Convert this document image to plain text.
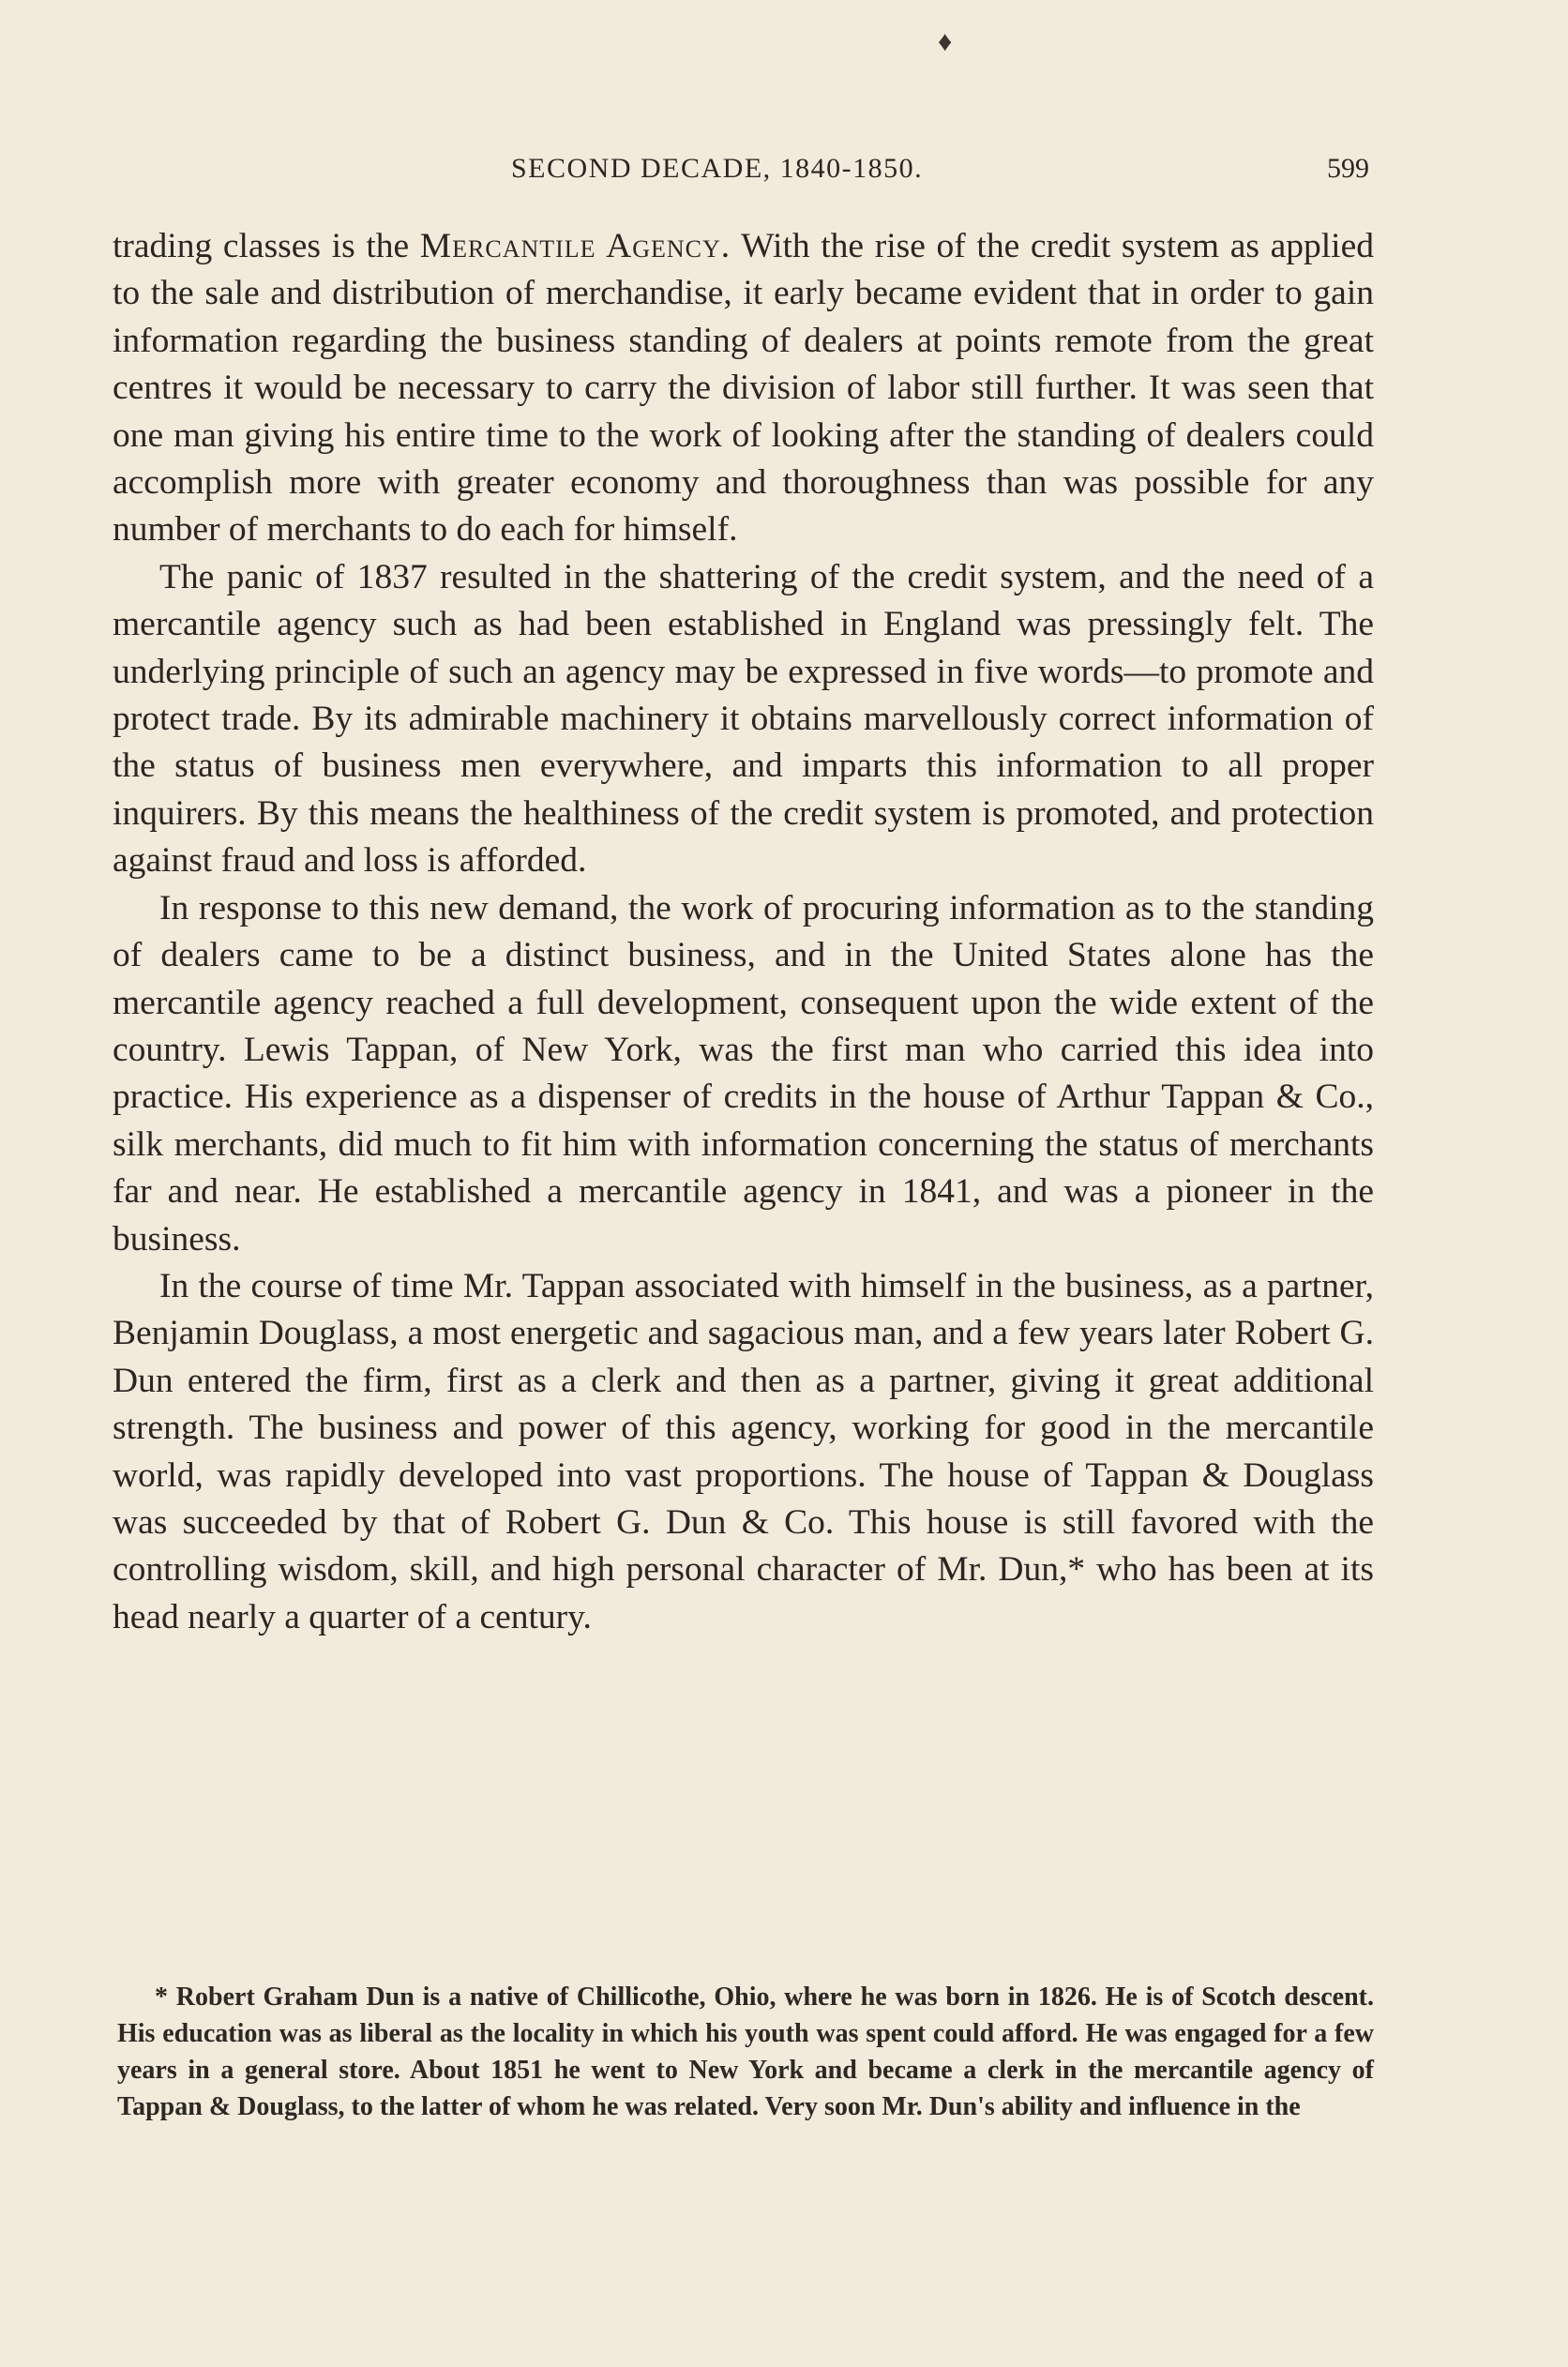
♦
SECOND DECADE, 1840-1850.	599

trading classes is the Mercantile Agency. With the rise of the credit system as applied to the sale and distribution of merchandise, it early became evident that in order to gain information regarding the business standing of dealers at points remote from the great centres it would be necessary to carry the division of labor still further. It was seen that one man giving his entire time to the work of looking after the standing of dealers could accomplish more with greater economy and thoroughness than was possible for any number of merchants to do each for himself.

The panic of 1837 resulted in the shattering of the credit system, and the need of a mercantile agency such as had been established in England was pressingly felt. The underlying principle of such an agency may be expressed in five words—to promote and protect trade. By its admirable machinery it obtains marvellously correct information of the status of business men everywhere, and imparts this information to all proper inquirers. By this means the healthiness of the credit system is promoted, and protection against fraud and loss is afforded.

In response to this new demand, the work of procuring information as to the standing of dealers came to be a distinct business, and in the United States alone has the mercantile agency reached a full development, consequent upon the wide extent of the country. Lewis Tappan, of New York, was the first man who carried this idea into practice. His experience as a dispenser of credits in the house of Arthur Tappan & Co., silk merchants, did much to fit him with information concerning the status of merchants far and near. He established a mercantile agency in 1841, and was a pioneer in the business.

In the course of time Mr. Tappan associated with himself in the business, as a partner, Benjamin Douglass, a most energetic and sagacious man, and a few years later Robert G. Dun entered the firm, first as a clerk and then as a partner, giving it great additional strength. The business and power of this agency, working for good in the mercantile world, was rapidly developed into vast proportions. The house of Tappan & Douglass was succeeded by that of Robert G. Dun & Co. This house is still favored with the controlling wisdom, skill, and high personal character of Mr. Dun,* who has been at its head nearly a quarter of a century.

* Robert Graham Dun is a native of Chillicothe, Ohio, where he was born in 1826. He is of Scotch descent. His education was as liberal as the locality in which his youth was spent could afford. He was engaged for a few years in a general store. About 1851 he went to New York and became a clerk in the mercantile agency of Tappan & Douglass, to the latter of whom he was related. Very soon Mr. Dun's ability and influence in the
